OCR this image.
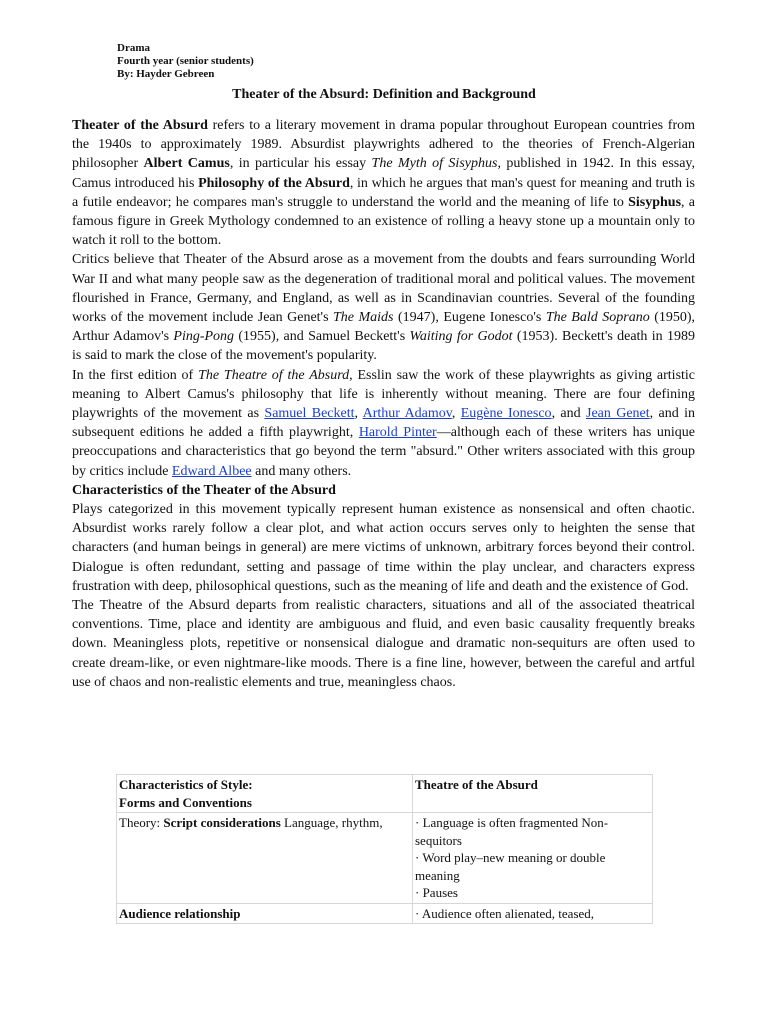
Drama
Fourth year (senior students)
By: Hayder Gebreen
Theater of the Absurd: Definition and Background

Theater of the Absurd refers to a literary movement in drama popular throughout European countries from the 1940s to approximately 1989. Absurdist playwrights adhered to the theories of French-Algerian philosopher Albert Camus, in particular his essay The Myth of Sisyphus, published in 1942. In this essay, Camus introduced his Philosophy of the Absurd, in which he argues that man's quest for meaning and truth is a futile endeavor; he compares man's struggle to understand the world and the meaning of life to Sisyphus, a famous figure in Greek Mythology condemned to an existence of rolling a heavy stone up a mountain only to watch it roll to the bottom.

Critics believe that Theater of the Absurd arose as a movement from the doubts and fears surrounding World War II and what many people saw as the degeneration of traditional moral and political values. The movement flourished in France, Germany, and England, as well as in Scandinavian countries. Several of the founding works of the movement include Jean Genet's The Maids (1947), Eugene Ionesco's The Bald Soprano (1950), Arthur Adamov's Ping-Pong (1955), and Samuel Beckett's Waiting for Godot (1953). Beckett's death in 1989 is said to mark the close of the movement's popularity.

In the first edition of The Theatre of the Absurd, Esslin saw the work of these playwrights as giving artistic meaning to Albert Camus's philosophy that life is inherently without meaning. There are four defining playwrights of the movement as Samuel Beckett, Arthur Adamov, Eugène Ionesco, and Jean Genet, and in subsequent editions he added a fifth playwright, Harold Pinter—although each of these writers has unique preoccupations and characteristics that go beyond the term "absurd." Other writers associated with this group by critics include Edward Albee and many others.

Characteristics of the Theater of the Absurd

Plays categorized in this movement typically represent human existence as nonsensical and often chaotic. Absurdist works rarely follow a clear plot, and what action occurs serves only to heighten the sense that characters (and human beings in general) are mere victims of unknown, arbitrary forces beyond their control. Dialogue is often redundant, setting and passage of time within the play unclear, and characters express frustration with deep, philosophical questions, such as the meaning of life and death and the existence of God.

The Theatre of the Absurd departs from realistic characters, situations and all of the associated theatrical conventions. Time, place and identity are ambiguous and fluid, and even basic causality frequently breaks down. Meaningless plots, repetitive or nonsensical dialogue and dramatic non-sequiturs are often used to create dream-like, or even nightmare-like moods. There is a fine line, however, between the careful and artful use of chaos and non-realistic elements and true, meaningless chaos.

Characteristics of Style:
Forms and Conventions	Theatre of the Absurd
Theory: Script considerations Language, rhythm,	· Language is often fragmented Non-sequitors
· Word play–new meaning or double meaning
· Pauses

Audience relationship	· Audience often alienated, teased,
